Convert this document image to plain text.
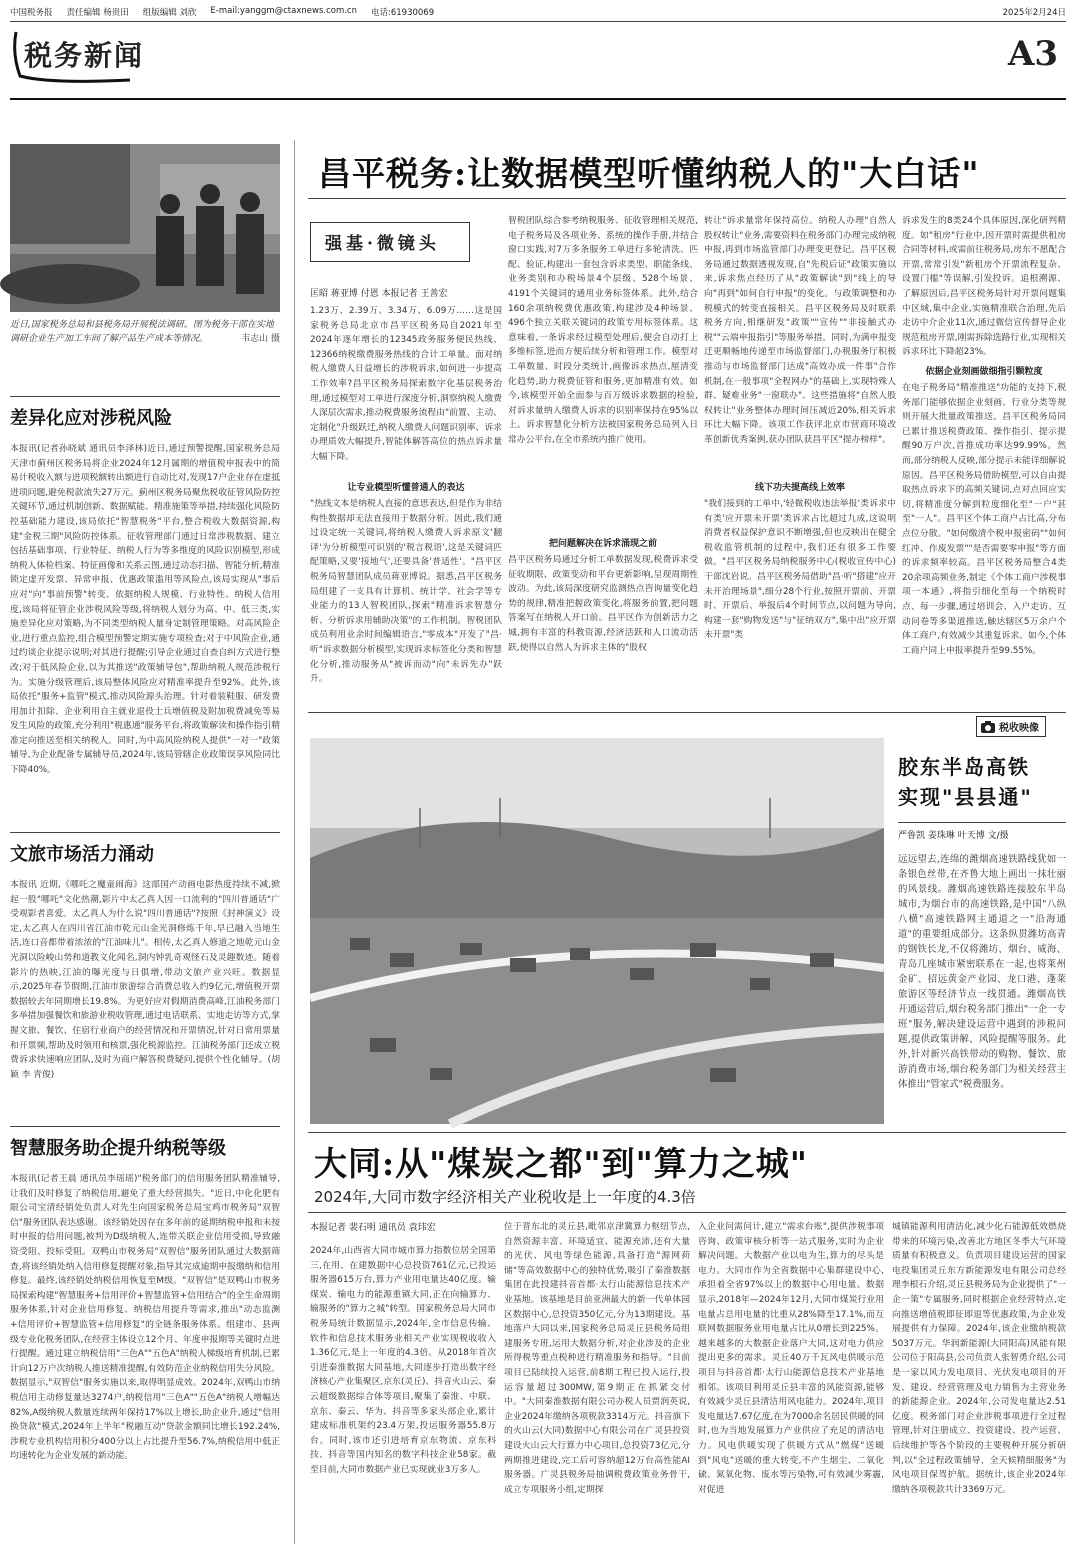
中国税务报 责任编辑 杨贵田 组版编辑 刘欣 E-mail:yanggm@ctaxnews.com.cn 电话:61930069	2025年2月24日
税务新闻	A3
近日,国家税务总局和县税务局开展税法调研。图为税务干部在实地调研企业生产加工车间了解产品生产成本等情况。	韦志山 摄
差异化应对涉税风险
本报讯(记者孙晓斌 通讯员李泽林)近日,通过预警提醒,国家税务总局天津市蓟州区税务局将企业2024年12月属期的增值税申报表中的简易计税收入额与进项税额转出额进行自动比对,发现17户企业存在虚抵进项问题,避免税款流失27万元。蓟州区税务局聚焦税收征管风险防控关键环节,通过机制创新、数据赋能、精准施策等举措,持续强化风险防控基础能力建设,该局依托"智慧税务"平台,整合税收大数据资源,构建"金税三期"风险防控体系。征收管理部门通过日常涉税数据、建立包括基础事项、行业特征、纳税人行为等多维度的风险识别模型,形成纳税人体检档案、特征画像和关系云图,通过动态扫描、智能分析,精准锁定虚开发票、异常申报、优惠政策滥用等风险点,该局实现从"事后应对"向"事前预警"转变。依据纳税人规模、行业特性、纳税人信用度,该局将征管企业涉税风险等级,将纳税人划分为高、中、低三类,实施差异化应对策略,为不同类型纳税人量身定制管理策略。对高风险企业,进行重点监控,组合模型预警定期实施专项检查;对于中风险企业,通过约谈企业提示说明;对其进行提醒;引导企业通过自查自纠方式进行整改;对于低风险企业,以为其推送"政策辅导包",帮助纳税人规范涉税行为。实施分级管理后,该局整体风险应对精准率提升至92%。此外,该局依托"服务+监管"模式,推动风险源头治理。针对着装鞋服、研发费用加计扣除、企业利用自主就业退役士兵增值税及附加税费减免等易发生风险的政策,充分利用"税惠通"服务平台,将政策解读和操作指引精准定向推送至相关纳税人。同时,为中高风险纳税人提供"一对一"政策辅导,为企业配备专属辅导员,2024年,该局管辖企业政策误享风险同比下降40%。
文旅市场活力涌动
本报讯 近期,《哪吒之魔童闹海》这部国产动画电影热度持续不减,掀起一股"哪吒"文化热潮,影片中太乙真人因一口流利的"四川普通话"广受观影者喜爱。太乙真人为什么说"四川普通话"?按照《封神演义》设定,太乙真人在四川省江油市乾元山金光洞修炼千年,早已融入当地生活,连口音都带着浓浓的"江油味儿"。相传,太乙真人修道之地乾元山金光洞以险峻山势和道教文化闻名,洞内钟乳奇观怪石及灵趣数迹。随着影片的热映,江油的曝光度与日俱增,带动文旅产业兴旺。数据显示,2025年春节假期,江油市旅游综合消费总收入约9亿元,增值税开票数据较去年同期增长19.8%。为更好应对假期消费高峰,江油税务部门多举措加强餐饮和旅游业税收管理,通过电话联系、实地走访等方式,掌握文旅、餐饮、住宿行业商户的经营情况和开票情况,针对日常用票量和开票频,帮助及时领用和核票,强化税源监控。江油税务部门还成立税费诉求快速响应团队,及时为商户解答税费疑问,提供个性化辅导。(胡颖 李 青俊)
智慧服务助企提升纳税等级
本报讯(记者王晨 通讯员李瑶瑶)"税务部门的信用服务团队精准辅导,让我们及时修复了纳税信用,避免了重大经营损失。"近日,中化化肥有限公司宝清经销处负责人对先生向国家税务总局宝鸡市税务局"双智信"服务团队表达感谢。该经销处因存在多年前的延期纳税申报和未按时申报的信用问题,被判为D级纳税人,连带关联企业信用受损,导致融资受阻、投标受阻。双鸭山市税务局"双智信"服务团队通过大数据筛查,将该经销处纳入信用修复提醒对象,指导其完成逾期申报缴纳和信用修复。最终,该经销处纳税信用恢复至M级。"双智信"是双鸭山市税务局探索构建"智慧服务+信用评价+智慧监管+信用结合"的全生命周期服务体系,针对企业信用修复、纳税信用提升等需求,推出"动态监测+信用评价+智慧监管+信用修复"的全链条服务体系。组建市、县两级专业化税务团队,在经营主体设立12个月、年度申报期等关键时点进行提醒。通过建立纳税信用"三色A""五色A"纳税人梯级培育机制,已累计向12万户次纳税人推送精准提醒,有效防范企业纳税信用失分风险。数据显示,"双智信"服务实施以来,取得明显成效。2024年,双鸭山市纳税信用主动修复量达3274户,纳税信用"三色A""五色A"纳税人增幅达82%,A级纳税人数量连续两年保持17%以上增长,助企业升,通过"信用换贷款"模式,2024年上半年"税融互动"贷款金额同比增长192.24%,涉税专业机构信用积分400分以上占比提升至56.7%,纳税信用中低正均速转化为企业发展的新动能。
昌平税务:让数据模型听懂纳税人的"大白话"
强基·微镜头
匡昭 蒋亚博 付恩 本报记者 王善宏
1.23万、2.39万、3.34万、6.09万……这是国家税务总局北京市昌平区税务局自2021年至2024年逐年增长的12345政务服务便民热线、12366纳税缴费服务热线的合计工单量。面对纳税人缴费人日益增长的涉税诉求,如何进一步提高工作效率?昌平区税务局探索数字化基层税务治理,通过模型对工单进行深度分析,洞察纳税人缴费人深层次需求,推动税费服务流程由"前置、主动、定制化"升级跃迁,纳税人缴费人问题识别率、诉求办理质效大幅提升,智能体解答高位的热点诉求量大幅下降。
让专业模型听懂普通人的表达
"热线文本是纳税人直接的意思表达,但是作为非结构性数据却无法直接用于数据分析。因此,我们通过设定统一关键词,将纳税人缴费人诉求原文'翻译'为分析模型可识别的'税言税语',这是关键词匹配策略,又要'接地气',还要具备'普适性'。"昌平区税务局智慧团队成员蒋亚博说。据悉,昌平区税务局组建了一支具有计算机、统计学、社会学等专业能力的13人智税团队,探索"精准诉求智慧分析、分析诉求用辅助决策"的工作机制。智税团队成员利用业余时间编辑语言,"零成本"开发了"昌·听"诉求数据分析模型,实现诉求标签化分类和智慧化分析,推动服务从"被诉而动"向"未诉先办"跃升。
智税团队综合参考纳税服务、征收管理相关规范,电子税务局及各项业务、系统的操作手册,并结合窗口实践,对7万多条服务工单进行多轮清洗、匹配、验证,构建出一套包含诉求类型、职能条线、业务类别和办税场景4个层级、528个场景、4191个关键词的通用业务标签体系。此外,结合160余项纳税费优惠政策,构建涉及4种场景、496个独立关联关键词的政策专用标签体系。这意味着,一条诉求经过模型处理后,便会自动打上多维标签,进而方便后续分析和管理工作。模型对工单数量、时段分类统计,画像诉求热点,厘清变化趋势,助力税费征管和服务,更加精准有效。如今,该模型开始全面参与百万级诉求数据的检验,对诉求量纳人缴费人诉求的识别率保持在95%以上。诉求智慧化分析方法被国家税务总局列入日常办公平台,在全市系统内推广使用。
把问题解决在诉求涌现之前
昌平区税务局通过分析工单数据发现,税费诉求受征收期限、政策变动和平台更新影响,呈现周期性波动。为此,该局深度研究监测热点咨询量变化趋势的规律,精准把握政策变化,将服务前置,把问题答案写在纳税人开口前。昌平区作为创新活力之城,拥有丰富的科教资源,经济活跃和人口流动活跃,使得以自然人为诉求主体的"股权
转让"诉求量常年保持高位。纳税人办理"自然人股权转让"业务,需要资料在税务部门办理完成纳税申报,再到市场监管部门办理变更登记。昌平区税务局通过数据透视发现,自"先税后证"政策实施以来,诉求焦点经历了从"政策解读"到"线上的导向"再到"如何自行申报"的变化。与政策调整和办税模式的转变直接相关。昌平区税务局及时联系税务方向,相继研发"政策""宣传""非接触式办税""云端申报指引"等服务举措。同时,为满申报变迁更顺畅地传递至市场监督部门,办税服务厅积极推动与市场监督部门达成"高效办成一件事"合作机制,在一般事项"全程网办"的基础上,实现特殊人群、疑难业务"一窗联办"。这些措施将"自然人股权转让"业务整体办理时间压减近20%,相关诉求环比大幅下降。该项工作获评北京市营商环境改革创新优秀案例,获办团队获昌平区"提办榜样"。
线下功夫提高线上效率
"我们接到的工单中,'轻微税收违法举报'类诉求中有类'应开票未开票'类诉求占比超过九成,这说明消费者权益保护意识不断增强,但也反映出在健全税收监管机制的过程中,我们还有很多工作要做。"昌平区税务局纳税服务中心(税收宣传中心)干部沈岩说。昌平区税务局借助"昌·听"搭建"应开未开治理场景",细分28个行业,按照开票前、开票时、开票后、举报后4个时间节点,以问题为导向,构建一套"购物发送"与"征纳双方",集中出"应开票未开票"类
诉求发生的8类24个具体原因,深化研判精度。如"租房"行业中,因开票时需提供租房合同等材料,或需前往税务局,房东不愿配合开票,常常引发"新租房个开票流程复杂、设置门槛"等误解,引发投诉。追根溯源、了解原因后,昌平区税务局针对开票问题集中区域,集中企业,实施精准联合治理,先后走访中介企业11次,通过微信宣传督导企业规范租房开票,刚需拆除选路行业,实现相关诉求环比下降超23%。
依据企业刻画做细指引颗粒度
在电子税务局"精准推送"功能的支持下,税务部门能够依据企业刻画、行业分类等规则开展大批量政策推送。昌平区税务局同已累计推送税费政策、操作指引、提示提醒90万户次,首推成功率达99.99%。然而,部分纳税人反映,部分提示未能详细解说原因。昌平区税务局借助模型,可以自由提取热点诉求下的高频关键词,点对点回应实切,将精准度分解到粒度细化至"一户"甚至"一人"。昌平区个体工商户占比高,分布点位分散。"如何缴清个税申报密码""如何红冲、作废发票""是否需要零申报"等方面的诉求频率较高。昌平区税务局整合4类20余项高频业务,制定《个体工商户涉税事项一本通》,将指引细化至每一个纳税时点、每一步骤,通过培训会、入户走访、互动问卷等多渠道推送,触达辖区5万余户个体工商户,有效减少其重复诉求。如今,个体工商户同上申报率提升至99.55%。
税收映像
胶东半岛高铁
实现"县县通"
严鲁凯 姜珠琳 叶天博 文/摄
远远望去,连绵的潍烟高速铁路线犹如一条银色丝带,在齐鲁大地上画出一抹壮丽的风景线。潍烟高速铁路连接胶东半岛城市,为烟台市的高速铁路,是中国"八纵八横"高速铁路网主通道之一"沿海通道"的重要组成部分。这条纵贯潍坊高青的钢铁长龙,不仅将潍坊、烟台、威海、青岛几座城市紧密联系在一起,也将莱州金矿、招远黄金产业园、龙口港、蓬莱旅游区等经济节点一线贯通。潍烟高铁开通运营后,烟台税务部门推出"一企一专班"服务,解决建设运营中遇到的涉税问题,提供政策讲解、风险提醒等服务。此外,针对新兴高铁带动的购物、餐饮、旅游消费市场,烟台税务部门为相关经营主体推出"管家式"税费服务。
大同:从"煤炭之都"到"算力之城"
2024年,大同市数字经济相关产业税收是上一年度的4.3倍
本报记者 裴石明 通讯员 袁玮宏
2024年,山西省大同市城市算力指数位居全国第三,在用、在建数据中心总投资761亿元,已投运服务器615万台,算力产业用电量达40亿度。输煤炭、输电力的能源重镇大同,正在向输算力、输服务的"算力之城"转型。国家税务总局大同市税务局统计数据显示,2024年,全市信息传输、软件和信息技术服务业相关产业实现税收收入1.36亿元,是上一年度的4.3倍。从2018年首次引进秦淮数据大同基地,大同逐步打造出数字经济核心产业集聚区,京东(灵丘)、抖音火山云、秦云超级数据综合体等项目,聚集了秦淮、中联、京东、秦云、华为、抖音等多家头部企业,累计建成标准机架约23.4万架,投运服务器55.8万台。同时,该市还引进培育京东物流、京东科技、抖音等国内知名的数字科技企业58家。截至目前,大同市数据产业已实现就业3万多人。
位于晋东北的灵丘县,毗邻京津冀算力枢纽节点,自然资源丰富、环境适宜、能源充沛,还有大量的光伏、风电等绿色能源,具备打造"源网荷储"等高效数据中心的独特优势,吸引了秦淮数据集团在此投建抖音首都·太行山能源信息技术产业基地。该基地是目前亚洲最大的新一代单体园区数据中心,总投资350亿元,分为13期建设。基地落户大同以来,国家税务总局灵丘县税务局组建服务专班,运用大数据分析,对企业涉及的企业所得税等重点税种进行精准服务和指导。"目前项目已陆续投入运营,前8期工程已投入运行,投运容量超过300MW,第9期正在抓紧交付中。"大同秦淮数据有限公司办税人员贾润英说,企业2024年缴纳各项税款3314万元。抖音旗下的火山云(大同)数据中心有限公司在广灵县投资建设火山云大行算力中心项目,总投资73亿元,分两期推进建设,完工后可容纳超12万台高性能AI服务器。广灵县税务局抽调税费政策业务骨干,成立专项服务小组,定期探
入企业问需问计,建立"需求台账",提供涉税事项咨询、政策审核分析等一站式服务,实时为企业解决问题。大数据产业以电为生,算力的尽头是电力。大同市作为全省数据中心集群建设中心,承担着全省97%以上的数据中心用电量。数据显示,2018年—2024年12月,大同市煤炭行业用电量占总用电量的比重从28%降至17.1%,而互联网数据服务业用电量占比从0增长到225%。越来越多的大数据企业落户大同,这对电力供应提出更多的需求。灵丘40万千瓦风电供暖示范项目与抖音首都·太行山能源信息技术产业基地相邻。该项目利用灵丘县丰富的风能资源,能够有效减少灵丘县清洁用风电能力。2024年,项目发电量达7.67亿度,在为7000余名居民供暖的同时,也为当地发展算力产业供应了充足的清洁电力。风电供暖实现了供暖方式从"燃煤"送暖到"风电"送暖的重大转变,不产生烟尘、二氧化硫、氮氧化物、废水等污染物,可有效减少雾霾,对促进
城镇能源利用清洁化,减少化石能源低效燃烧带来的环境污染,改善北方地区冬季大气环境质量有积极意义。负责项目建设运营的国家电投集团灵丘东方新能源发电有限公司总经理李根石介绍,灵丘县税务局为企业提供了"一企一策"专属服务,同时根据企业经营特点,定向推送增值税即征即退等优惠政策,为企业发展提供有力保障。2024年,该企业缴纳税款5037万元。华润新能源(大同阳高)风能有限公司位于阳高县,公司负责人张智勇介绍,公司是一家以风力发电项目、光伏发电项目的开发、建设、经营管理及电力销售为主营业务的新能源企业。2024年,公司发电量达2.51亿度。税务部门对企业涉税事项进行全过程管理,针对注册成立、投资建设、投产运营、后续维护等各个阶段的主要税种开展分析研判,以"全过程政策辅导、全天候精细服务"为风电项目保驾护航。据统计,该企业2024年缴纳各项税款共计3369万元。
